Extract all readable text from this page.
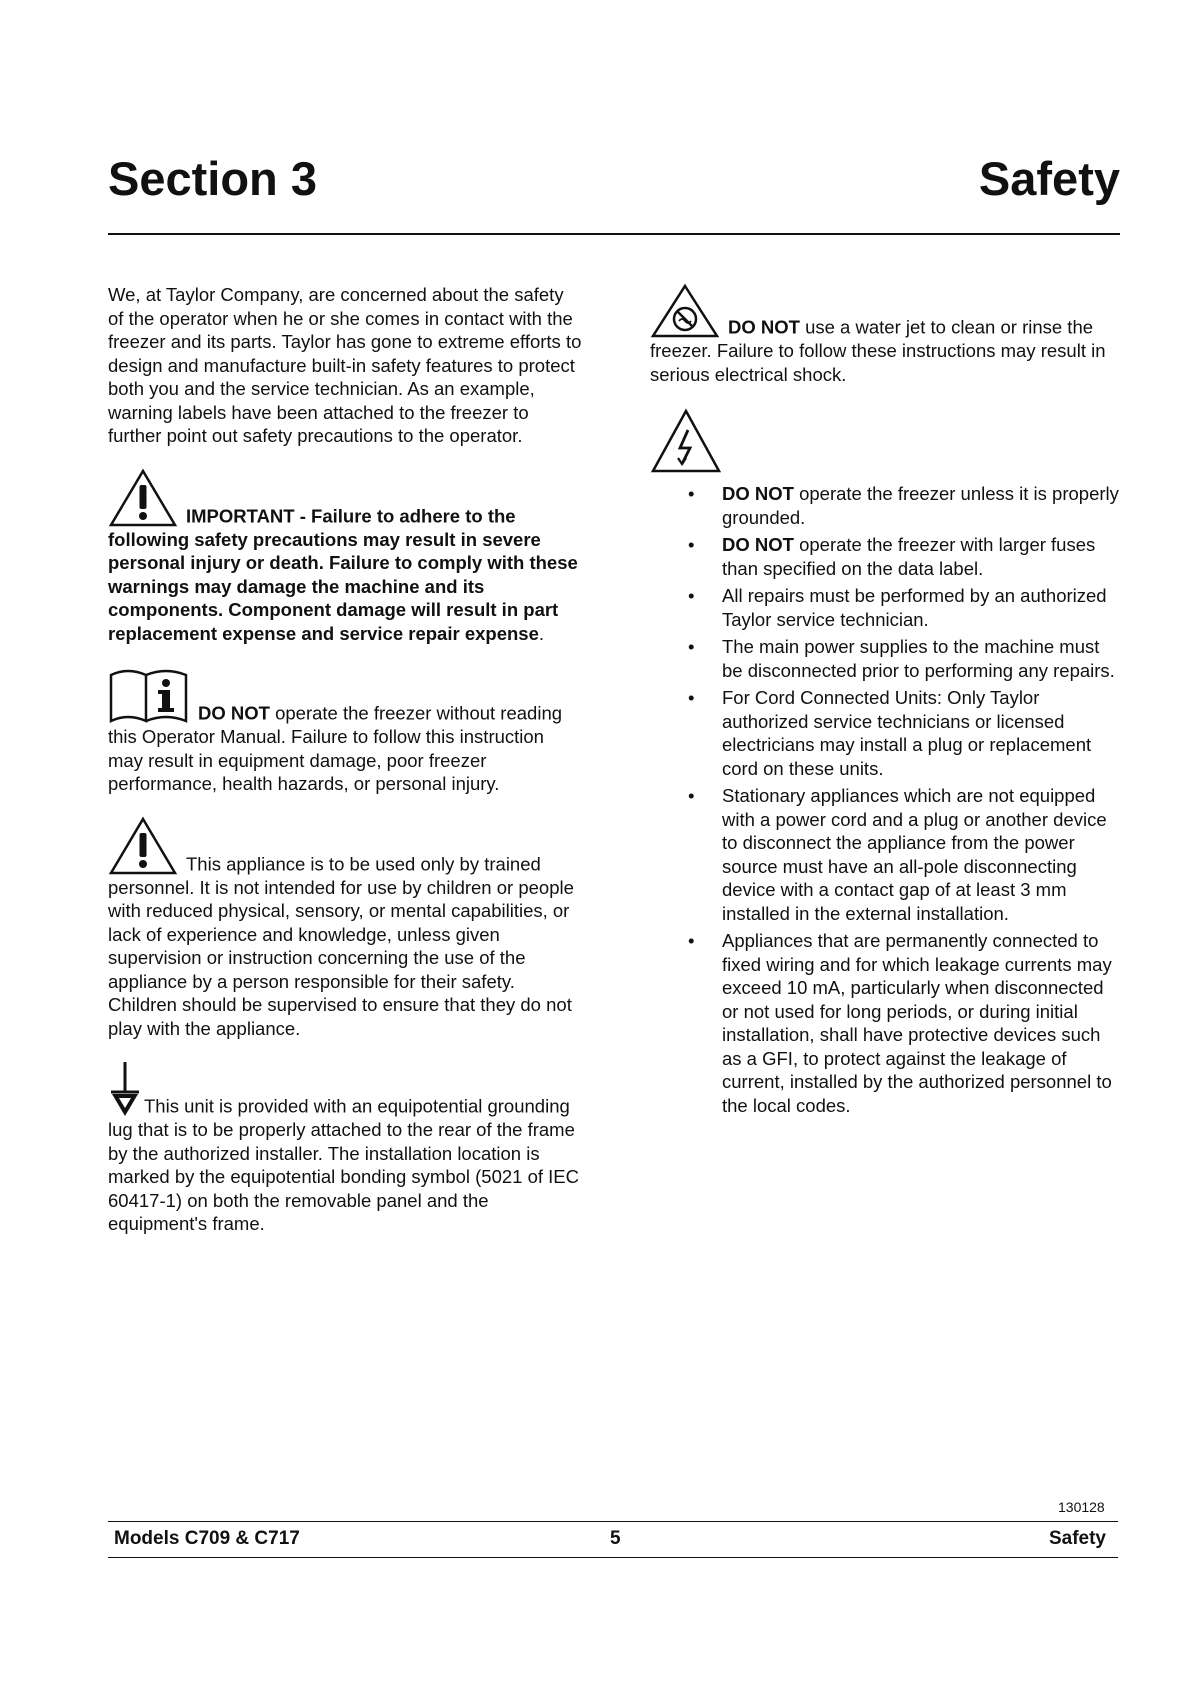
Section 3	Safety

We, at Taylor Company, are concerned about the safety of the operator when he or she comes in contact with the freezer and its parts. Taylor has gone to extreme efforts to design and manufacture built-in safety features to protect both you and the service technician. As an example, warning labels have been attached to the freezer to further point out safety precautions to the operator.

IMPORTANT - Failure to adhere to the following safety precautions may result in severe personal injury or death. Failure to comply with these warnings may damage the machine and its components. Component damage will result in part replacement expense and service repair expense.
DO NOT operate the freezer without reading this Operator Manual. Failure to follow this instruction may result in equipment damage, poor freezer performance, health hazards, or personal injury.
This appliance is to be used only by trained personnel. It is not intended for use by children or people with reduced physical, sensory, or mental capabilities, or lack of experience and knowledge, unless given supervision or instruction concerning the use of the appliance by a person responsible for their safety. Children should be supervised to ensure that they do not play with the appliance.
This unit is provided with an equipotential grounding lug that is to be properly attached to the rear of the frame by the authorized installer. The installation location is marked by the equipotential bonding symbol (5021 of IEC 60417-1) on both the removable panel and the equipment's frame.
DO NOT use a water jet to clean or rinse the freezer. Failure to follow these instructions may result in serious electrical shock.
• DO NOT operate the freezer unless it is properly grounded.
• DO NOT operate the freezer with larger fuses than specified on the data label.
• All repairs must be performed by an authorized Taylor service technician.
• The main power supplies to the machine must be disconnected prior to performing any repairs.
• For Cord Connected Units: Only Taylor authorized service technicians or licensed electricians may install a plug or replacement cord on these units.
• Stationary appliances which are not equipped with a power cord and a plug or another device to disconnect the appliance from the power source must have an all-pole disconnecting device with a contact gap of at least 3 mm installed in the external installation.
• Appliances that are permanently connected to fixed wiring and for which leakage currents may exceed 10 mA, particularly when disconnected or not used for long periods, or during initial installation, shall have protective devices such as a GFI, to protect against the leakage of current, installed by the authorized personnel to the local codes.
130128
Models C709 & C717	5	Safety
